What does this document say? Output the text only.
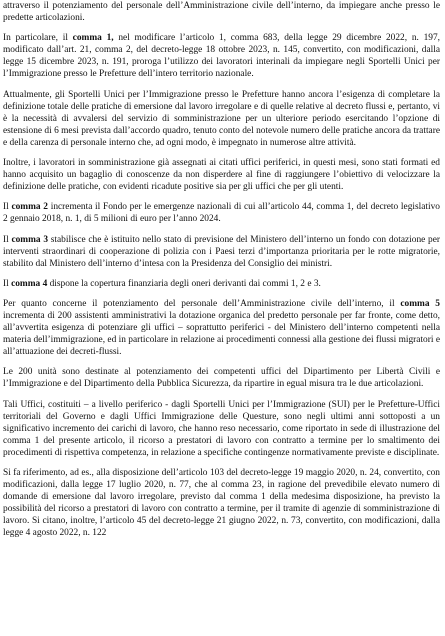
attraverso il potenziamento del personale dell’Amministrazione civile dell’interno, da impiegare anche presso le predette articolazioni.

In particolare, il comma 1, nel modificare l’articolo 1, comma 683, della legge 29 dicembre 2022, n. 197, modificato dall’art. 21, comma 2, del decreto-legge 18 ottobre 2023, n. 145, convertito, con modificazioni, dalla legge 15 dicembre 2023, n. 191, proroga l’utilizzo dei lavoratori interinali da impiegare negli Sportelli Unici per l’Immigrazione presso le Prefetture dell’intero territorio nazionale.

Attualmente, gli Sportelli Unici per l’Immigrazione presso le Prefetture hanno ancora l’esigenza di completare la definizione totale delle pratiche di emersione dal lavoro irregolare e di quelle relative al decreto flussi e, pertanto, vi è la necessità di avvalersi del servizio di somministrazione per un ulteriore periodo esercitando l’opzione di estensione di 6 mesi prevista dall’accordo quadro, tenuto conto del notevole numero delle pratiche ancora da trattare e della carenza di personale interno che, ad ogni modo, è impegnato in numerose altre attività.

Inoltre, i lavoratori in somministrazione già assegnati ai citati uffici periferici, in questi mesi, sono stati formati ed hanno acquisito un bagaglio di conoscenze da non disperdere al fine di raggiungere l’obiettivo di velocizzare la definizione delle pratiche, con evidenti ricadute positive sia per gli uffici che per gli utenti.

Il comma 2 incrementa il Fondo per le emergenze nazionali di cui all’articolo 44, comma 1, del decreto legislativo 2 gennaio 2018, n. 1, di 5 milioni di euro per l’anno 2024.

Il comma 3 stabilisce che è istituito nello stato di previsione del Ministero dell’interno un fondo con dotazione per interventi straordinari di cooperazione di polizia con i Paesi terzi d’importanza prioritaria per le rotte migratorie, stabilito dal Ministero dell’interno d’intesa con la Presidenza del Consiglio dei ministri.

Il comma 4 dispone la copertura finanziaria degli oneri derivanti dai commi 1, 2 e 3.

Per quanto concerne il potenziamento del personale dell’Amministrazione civile dell’interno, il comma 5 incrementa di 200 assistenti amministrativi la dotazione organica del predetto personale per far fronte, come detto, all’avvertita esigenza di potenziare gli uffici – soprattutto periferici - del Ministero dell’interno competenti nella materia dell’immigrazione, ed in particolare in relazione ai procedimenti connessi alla gestione dei flussi migratori e all’attuazione dei decreti-flussi.

Le 200 unità sono destinate al potenziamento dei competenti uffici del Dipartimento per Libertà Civili e l’Immigrazione e del Dipartimento della Pubblica Sicurezza, da ripartire in egual misura tra le due articolazioni.

Tali Uffici, costituiti – a livello periferico - dagli Sportelli Unici per l’Immigrazione (SUI) per le Prefetture-Uffici territoriali del Governo e dagli Uffici Immigrazione delle Questure, sono negli ultimi anni sottoposti a un significativo incremento dei carichi di lavoro, che hanno reso necessario, come riportato in sede di illustrazione del comma 1 del presente articolo, il ricorso a prestatori di lavoro con contratto a termine per lo smaltimento dei procedimenti di rispettiva competenza, in relazione a specifiche contingenze normativamente previste e disciplinate.

Si fa riferimento, ad es., alla disposizione dell’articolo 103 del decreto-legge 19 maggio 2020, n. 24, convertito, con modificazioni, dalla legge 17 luglio 2020, n. 77, che al comma 23, in ragione del prevedibile elevato numero di domande di emersione dal lavoro irregolare, previsto dal comma 1 della medesima disposizione, ha previsto la possibilità del ricorso a prestatori di lavoro con contratto a termine, per il tramite di agenzie di somministrazione di lavoro. Si citano, inoltre, l’articolo 45 del decreto-legge 21 giugno 2022, n. 73, convertito, con modificazioni, dalla legge 4 agosto 2022, n. 122
